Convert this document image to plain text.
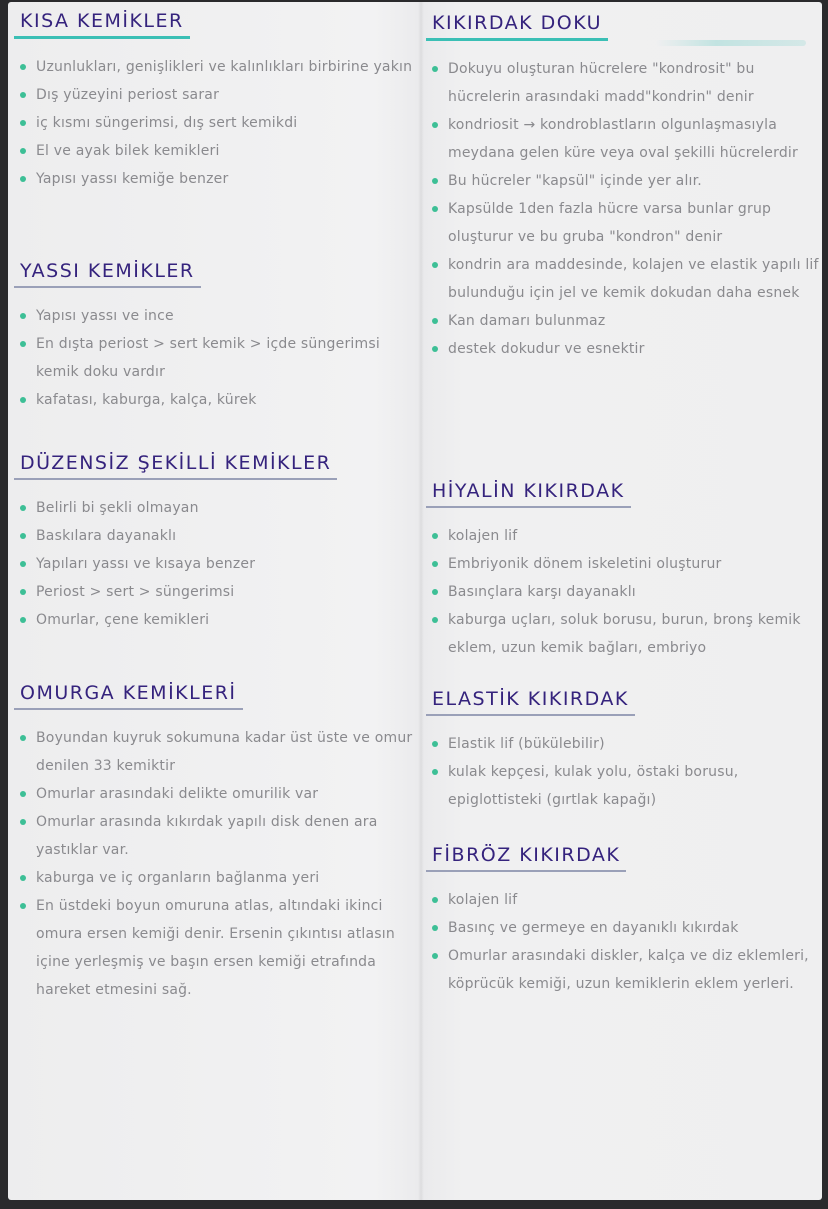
KISA KEMİKLER
Uzunlukları, genişlikleri ve kalınlıkları birbirine yakın
Dış yüzeyini periost sarar
iç kısmı süngerimsi, dış sert kemikdi
El ve ayak bilek kemikleri
Yapısı yassı kemiğe benzer
YASSI KEMİKLER
Yapısı yassı ve ince
En dışta periost > sert kemik > içde süngerimsi kemik doku vardır
kafatası, kaburga, kalça, kürek
DÜZENSİZ ŞEKİLLİ KEMİKLER
Belirli bi şekli olmayan
Baskılara dayanaklı
Yapıları yassı ve kısaya benzer
Periost > sert > süngerimsi
Omurlar, çene kemikleri
OMURGA KEMİKLERİ
Boyundan kuyruk sokumuna kadar üst üste ve omur denilen 33 kemiktir
Omurlar arasındaki delikte omurilik var
Omurlar arasında kıkırdak yapılı disk denen ara yastıklar var.
kaburga ve iç organların bağlanma yeri
En üstdeki boyun omuruna atlas, altındaki ikinci omura ersen kemiği denir. Ersenin çıkıntısı atlasın içine yerleşmiş ve başın ersen kemiği etrafında hareket etmesini sağ.
KIKIRDAK DOKU
Dokuyu oluşturan hücrelere "kondrosit" bu hücrelerin arasındaki madd"kondrin" denir
kondriosit → kondroblastların olgunlaşmasıyla meydana gelen küre veya oval şekilli hücrelerdir
Bu hücreler "kapsül" içinde yer alır.
Kapsülde 1den fazla hücre varsa bunlar grup oluşturur ve bu gruba "kondron" denir
kondrin ara maddesinde, kolajen ve elastik yapılı lif bulunduğu için jel ve kemik dokudan daha esnek
Kan damarı bulunmaz
destek dokudur ve esnektir
HİYALİN KIKIRDAK
kolajen lif
Embriyonik dönem iskeletini oluşturur
Basınçlara karşı dayanaklı
kaburga uçları, soluk borusu, burun, bronş kemik eklem, uzun kemik bağları, embriyo
ELASTİK KIKIRDAK
Elastik lif (bükülebilir)
kulak kepçesi, kulak yolu, östaki borusu, epiglottisteki (gırtlak kapağı)
FİBRÖZ KIKIRDAK
kolajen lif
Basınç ve germeye en dayanıklı kıkırdak
Omurlar arasındaki diskler, kalça ve diz eklemleri, köprücük kemiği, uzun kemiklerin eklem yerleri.
